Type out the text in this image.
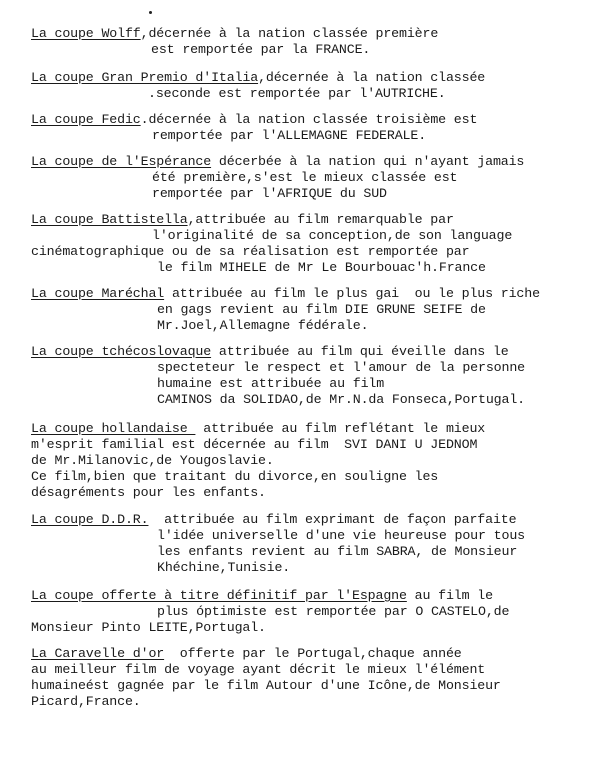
La coupe Wolff,décernée à la nation classée première
est remportée par la FRANCE.
La coupe Gran Premio d'Italia,décernée à la nation classée
.seconde est remportée par l'AUTRICHE.
La coupe Fedic.décernée à la nation classée troisième est
remportée par l'ALLEMAGNE FEDERALE.
La coupe de l'Espérance décerbée à la nation qui n'ayant jamais
été première,s'est le mieux classée est
remportée par l'AFRIQUE du SUD
La coupe Battistella,attribuée au film remarquable par
l'originalité de sa conception,de son language
cinématographique ou de sa réalisation est remportée par
le film MIHELE de Mr Le Bourbouac'h.France
La coupe Maréchal attribuée au film le plus gai  ou le plus riche
en gags revient au film DIE GRUNE SEIFE de
Mr.Joel,Allemagne fédérale.
La coupe tchécoslovaque attribuée au film qui éveille dans le
specteteur le respect et l'amour de la personne
humaine est attribuée au film
CAMINOS da SOLIDAO,de Mr.N.da Fonseca,Portugal.
La coupe hollandaise  attribuée au film reflétant le mieux
m'esprit familial est décernée au film  SVI DANI U JEDNOM
de Mr.Milanovic,de Yougoslavie.
Ce film,bien que traitant du divorce,en souligne les
désagréments pour les enfants.
La coupe D.D.R.  attribuée au film exprimant de façon parfaite
l'idée universelle d'une vie heureuse pour tous
les enfants revient au film SABRA, de Monsieur
Khéchine,Tunisie.
La coupe offerte à titre définitif par l'Espagne au film le
plus óptimiste est remportée par O CASTELO,de
Monsieur Pinto LEITE,Portugal.
La Caravelle d'or  offerte par le Portugal,chaque année
au meilleur film de voyage ayant décrit le mieux l'élément
humaineést gagnée par le film Autour d'une Icône,de Monsieur
Picard,France.
